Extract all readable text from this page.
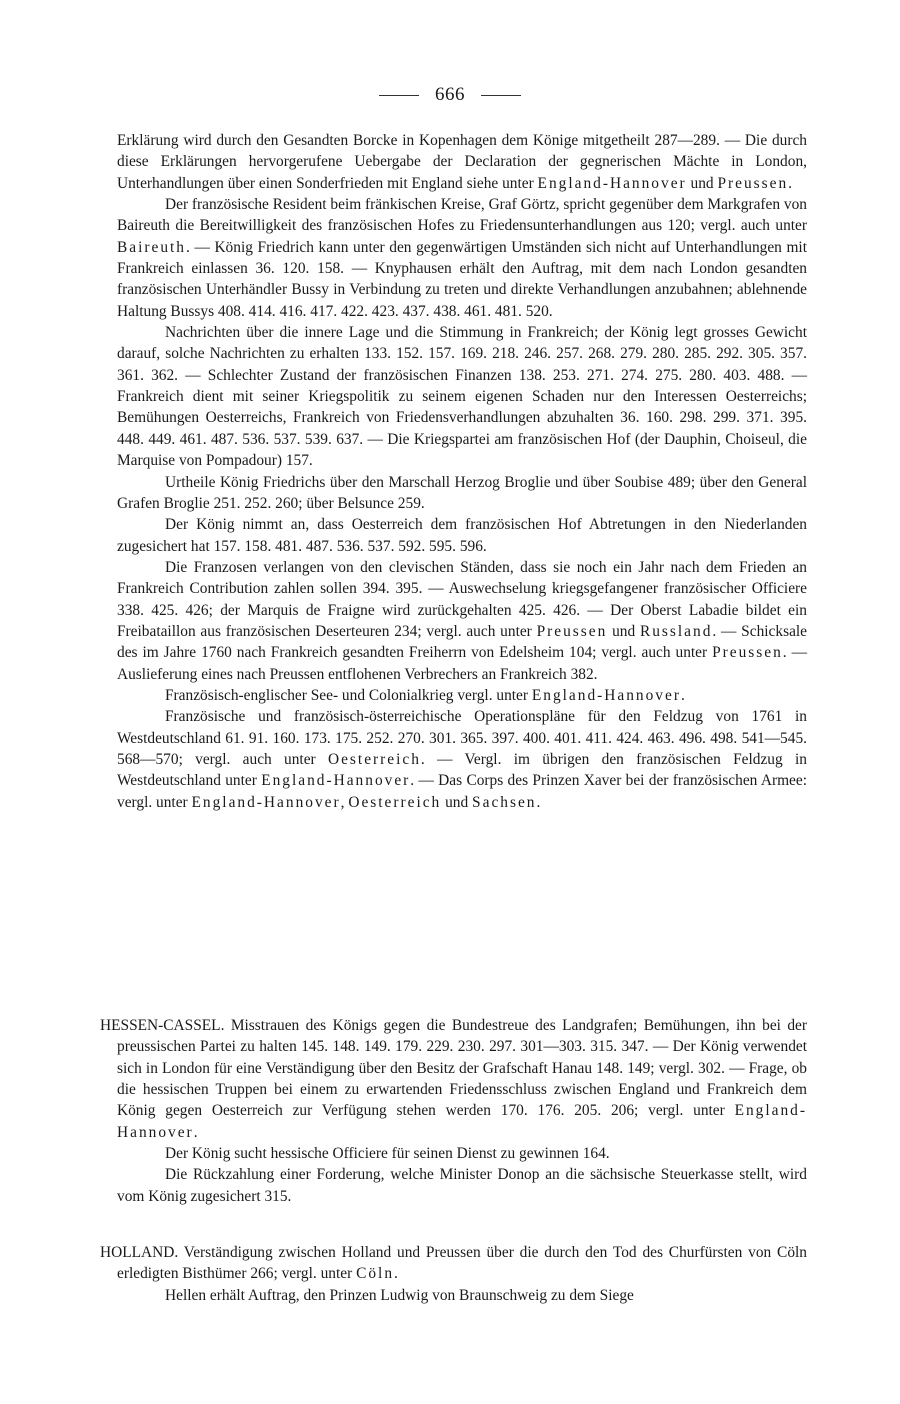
666

Erklärung wird durch den Gesandten Borcke in Kopenhagen dem Könige mitgetheilt 287—289. — Die durch diese Erklärungen hervorgerufene Uebergabe der Declaration der gegnerischen Mächte in London, Unterhandlungen über einen Sonderfrieden mit England siehe unter England-Hannover und Preussen.

Der französische Resident beim fränkischen Kreise, Graf Görtz, spricht gegenüber dem Markgrafen von Baireuth die Bereitwilligkeit des französischen Hofes zu Friedensunterhandlungen aus 120; vergl. auch unter Baireuth. — König Friedrich kann unter den gegenwärtigen Umständen sich nicht auf Unterhandlungen mit Frankreich einlassen 36. 120. 158. — Knyphausen erhält den Auftrag, mit dem nach London gesandten französischen Unterhändler Bussy in Verbindung zu treten und direkte Verhandlungen anzubahnen; ablehnende Haltung Bussys 408. 414. 416. 417. 422. 423. 437. 438. 461. 481. 520.

Nachrichten über die innere Lage und die Stimmung in Frankreich; der König legt grosses Gewicht darauf, solche Nachrichten zu erhalten 133. 152. 157. 169. 218. 246. 257. 268. 279. 280. 285. 292. 305. 357. 361. 362. — Schlechter Zustand der französischen Finanzen 138. 253. 271. 274. 275. 280. 403. 488. — Frankreich dient mit seiner Kriegspolitik zu seinem eigenen Schaden nur den Interessen Oesterreichs; Bemühungen Oesterreichs, Frankreich von Friedensverhandlungen abzuhalten 36. 160. 298. 299. 371. 395. 448. 449. 461. 487. 536. 537. 539. 637. — Die Kriegspartei am französischen Hof (der Dauphin, Choiseul, die Marquise von Pompadour) 157.

Urtheile König Friedrichs über den Marschall Herzog Broglie und über Soubise 489; über den General Grafen Broglie 251. 252. 260; über Belsunce 259.

Der König nimmt an, dass Oesterreich dem französischen Hof Abtretungen in den Niederlanden zugesichert hat 157. 158. 481. 487. 536. 537. 592. 595. 596.

Die Franzosen verlangen von den clevischen Ständen, dass sie noch ein Jahr nach dem Frieden an Frankreich Contribution zahlen sollen 394. 395. — Auswechselung kriegsgefangener französischer Officiere 338. 425. 426; der Marquis de Fraigne wird zurückgehalten 425. 426. — Der Oberst Labadie bildet ein Freibataillon aus französischen Deserteuren 234; vergl. auch unter Preussen und Russland. — Schicksale des im Jahre 1760 nach Frankreich gesandten Freiherrn von Edelsheim 104; vergl. auch unter Preussen. — Auslieferung eines nach Preussen entflohenen Verbrechers an Frankreich 382.

Französisch-englischer See- und Colonialkrieg vergl. unter England-Hannover.

Französische und französisch-österreichische Operationspläne für den Feldzug von 1761 in Westdeutschland 61. 91. 160. 173. 175. 252. 270. 301. 365. 397. 400. 401. 411. 424. 463. 496. 498. 541—545. 568—570; vergl. auch unter Oesterreich. — Vergl. im übrigen den französischen Feldzug in Westdeutschland unter England-Hannover. — Das Corps des Prinzen Xaver bei der französischen Armee: vergl. unter England-Hannover, Oesterreich und Sachsen.

HESSEN-CASSEL. Misstrauen des Königs gegen die Bundestreue des Landgrafen; Bemühungen, ihn bei der preussischen Partei zu halten 145. 148. 149. 179. 229. 230. 297. 301—303. 315. 347. — Der König verwendet sich in London für eine Verständigung über den Besitz der Grafschaft Hanau 148. 149; vergl. 302. — Frage, ob die hessischen Truppen bei einem zu erwartenden Friedensschluss zwischen England und Frankreich dem König gegen Oesterreich zur Verfügung stehen werden 170. 176. 205. 206; vergl. unter England-Hannover.

Der König sucht hessische Officiere für seinen Dienst zu gewinnen 164.

Die Rückzahlung einer Forderung, welche Minister Donop an die sächsische Steuerkasse stellt, wird vom König zugesichert 315.

HOLLAND. Verständigung zwischen Holland und Preussen über die durch den Tod des Churfürsten von Cöln erledigten Bisthümer 266; vergl. unter Cöln.

Hellen erhält Auftrag, den Prinzen Ludwig von Braunschweig zu dem Siege
